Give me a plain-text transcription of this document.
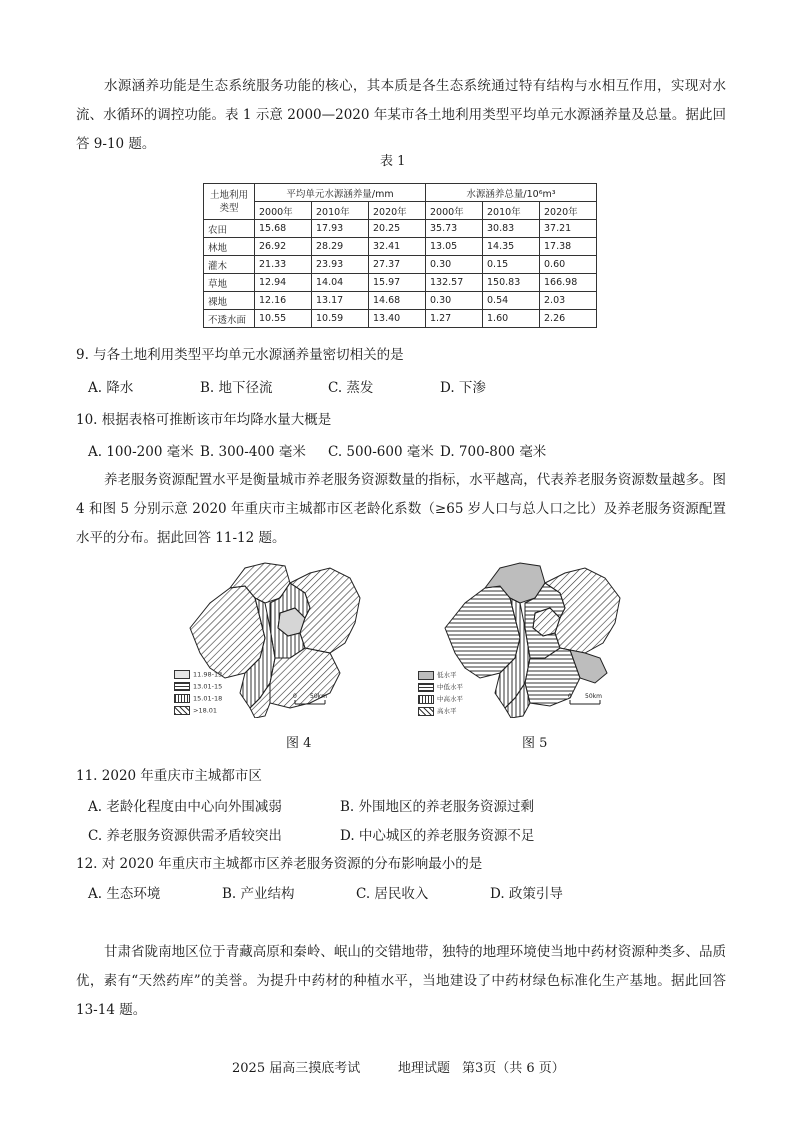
水源涵养功能是生态系统服务功能的核心，其本质是各生态系统通过特有结构与水相互作用，实现对水流、水循环的调控功能。表 1 示意 2000—2020 年某市各土地利用类型平均单元水源涵养量及总量。据此回答 9-10 题。
表 1
土地利用类型	平均单元水源涵养量/mm			水源涵养总量/10⁶m³		
	2000年	2010年	2020年	2000年	2010年	2020年
农田	15.68	17.93	20.25	35.73	30.83	37.21
林地	26.92	28.29	32.41	13.05	14.35	17.38
灌木	21.33	23.93	27.37	0.30	0.15	0.60
草地	12.94	14.04	15.97	132.57	150.83	166.98
裸地	12.16	13.17	14.68	0.30	0.54	2.03
不透水面	10.55	10.59	13.40	1.27	1.60	2.26
9. 与各土地利用类型平均单元水源涵养量密切相关的是
A. 降水	B. 地下径流	C. 蒸发	D. 下渗
10. 根据表格可推断该市年均降水量大概是
A. 100-200 毫米 B. 300-400 毫米 C. 500-600 毫米 D. 700-800 毫米
养老服务资源配置水平是衡量城市养老服务资源数量的指标，水平越高，代表养老服务资源数量越多。图 4 和图 5 分别示意 2020 年重庆市主城都市区老龄化系数（≥65 岁人口与总人口之比）及养老服务资源配置水平的分布。据此回答 11-12 题。
0 50km
11.98-13
13.01-15
15.01-18
>18.01
图 4
0 50km
低水平
中低水平
中高水平
高水平
图 5
11. 2020 年重庆市主城都市区
A. 老龄化程度由中心向外围减弱	B. 外围地区的养老服务资源过剩
C. 养老服务资源供需矛盾较突出	D. 中心城区的养老服务资源不足
12. 对 2020 年重庆市主城都市区养老服务资源的分布影响最小的是
A. 生态环境	B. 产业结构	C. 居民收入	D. 政策引导
甘肃省陇南地区位于青藏高原和秦岭、岷山的交错地带，独特的地理环境使当地中药材资源种类多、品质优，素有“天然药库”的美誉。为提升中药材的种植水平，当地建设了中药材绿色标准化生产基地。据此回答 13-14 题。
2025 届高三摸底考试	地理试题 第3页（共 6 页）
